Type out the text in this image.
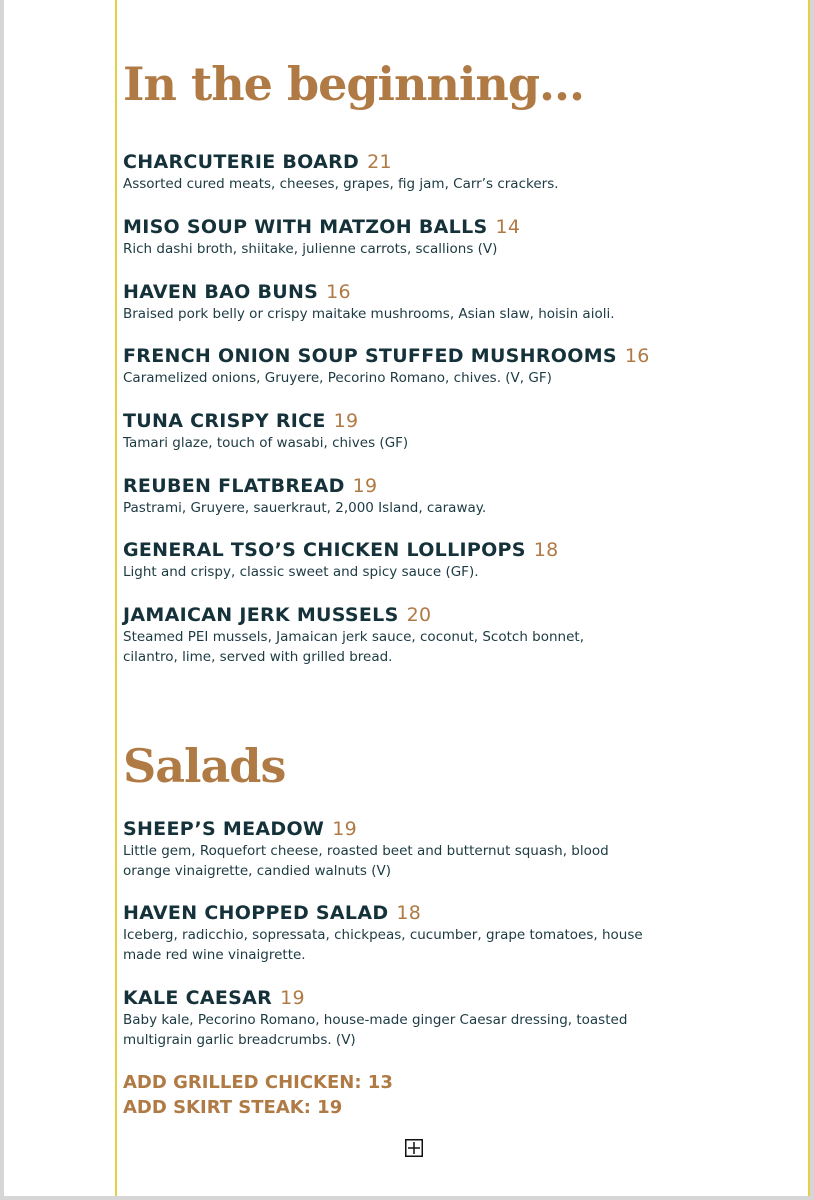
In the beginning...
CHARCUTERIE BOARD 21
Assorted cured meats, cheeses, grapes, fig jam, Carr’s crackers.
MISO SOUP WITH MATZOH BALLS 14
Rich dashi broth, shiitake, julienne carrots, scallions (V)
HAVEN BAO BUNS 16
Braised pork belly or crispy maitake mushrooms, Asian slaw, hoisin aioli.
FRENCH ONION SOUP STUFFED MUSHROOMS 16
Caramelized onions, Gruyere, Pecorino Romano, chives. (V, GF)
TUNA CRISPY RICE 19
Tamari glaze, touch of wasabi, chives (GF)
REUBEN FLATBREAD 19
Pastrami, Gruyere, sauerkraut, 2,000 Island, caraway.
GENERAL TSO’S CHICKEN LOLLIPOPS 18
Light and crispy, classic sweet and spicy sauce (GF).
JAMAICAN JERK MUSSELS 20
Steamed PEI mussels, Jamaican jerk sauce, coconut, Scotch bonnet,
cilantro, lime, served with grilled bread.
Salads
SHEEP’S MEADOW 19
Little gem, Roquefort cheese, roasted beet and butternut squash, blood
orange vinaigrette, candied walnuts (V)
HAVEN CHOPPED SALAD 18
Iceberg, radicchio, sopressata, chickpeas, cucumber, grape tomatoes, house
made red wine vinaigrette.
KALE CAESAR 19
Baby kale, Pecorino Romano, house-made ginger Caesar dressing, toasted
multigrain garlic breadcrumbs. (V)
ADD GRILLED CHICKEN: 13
ADD SKIRT STEAK: 19
